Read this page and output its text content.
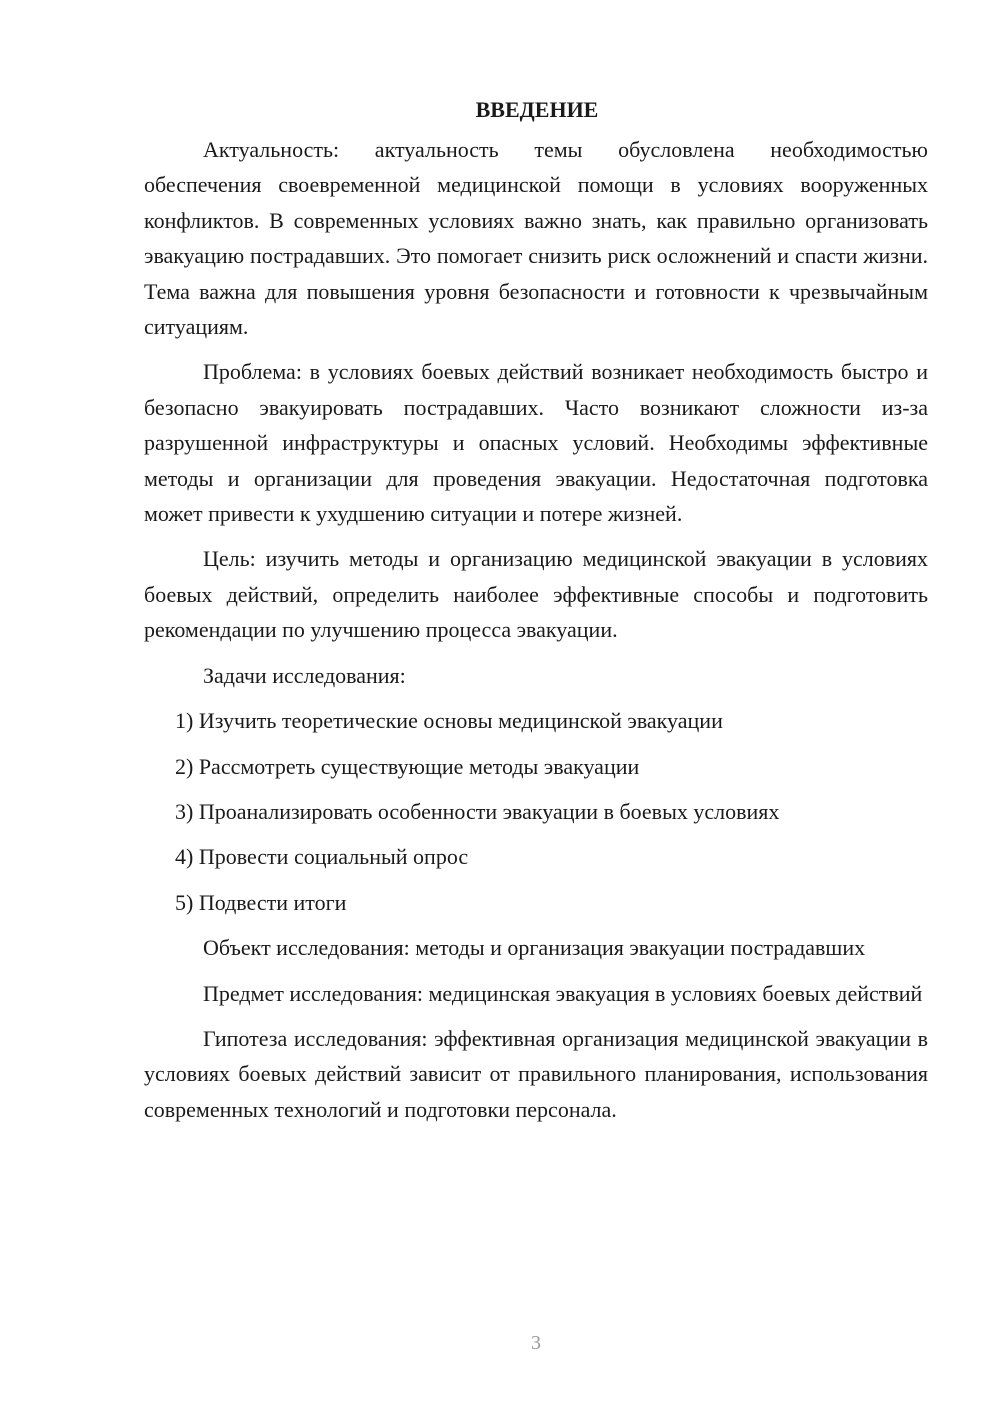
ВВЕДЕНИЕ

Актуальность: актуальность темы обусловлена необходимостью обеспечения своевременной медицинской помощи в условиях вооруженных конфликтов. В современных условиях важно знать, как правильно организовать эвакуацию пострадавших. Это помогает снизить риск осложнений и спасти жизни. Тема важна для повышения уровня безопасности и готовности к чрезвычайным ситуациям.

Проблема: в условиях боевых действий возникает необходимость быстро и безопасно эвакуировать пострадавших. Часто возникают сложности из-за разрушенной инфраструктуры и опасных условий. Необходимы эффективные методы и организации для проведения эвакуации. Недостаточная подготовка может привести к ухудшению ситуации и потере жизней.

Цель: изучить методы и организацию медицинской эвакуации в условиях боевых действий, определить наиболее эффективные способы и подготовить рекомендации по улучшению процесса эвакуации.

Задачи исследования:

1) Изучить теоретические основы медицинской эвакуации
2) Рассмотреть существующие методы эвакуации
3) Проанализировать особенности эвакуации в боевых условиях
4) Провести социальный опрос
5) Подвести итоги

Объект исследования: методы и организация эвакуации пострадавших

Предмет исследования: медицинская эвакуация в условиях боевых действий

Гипотеза исследования: эффективная организация медицинской эвакуации в условиях боевых действий зависит от правильного планирования, использования современных технологий и подготовки персонала.

3
